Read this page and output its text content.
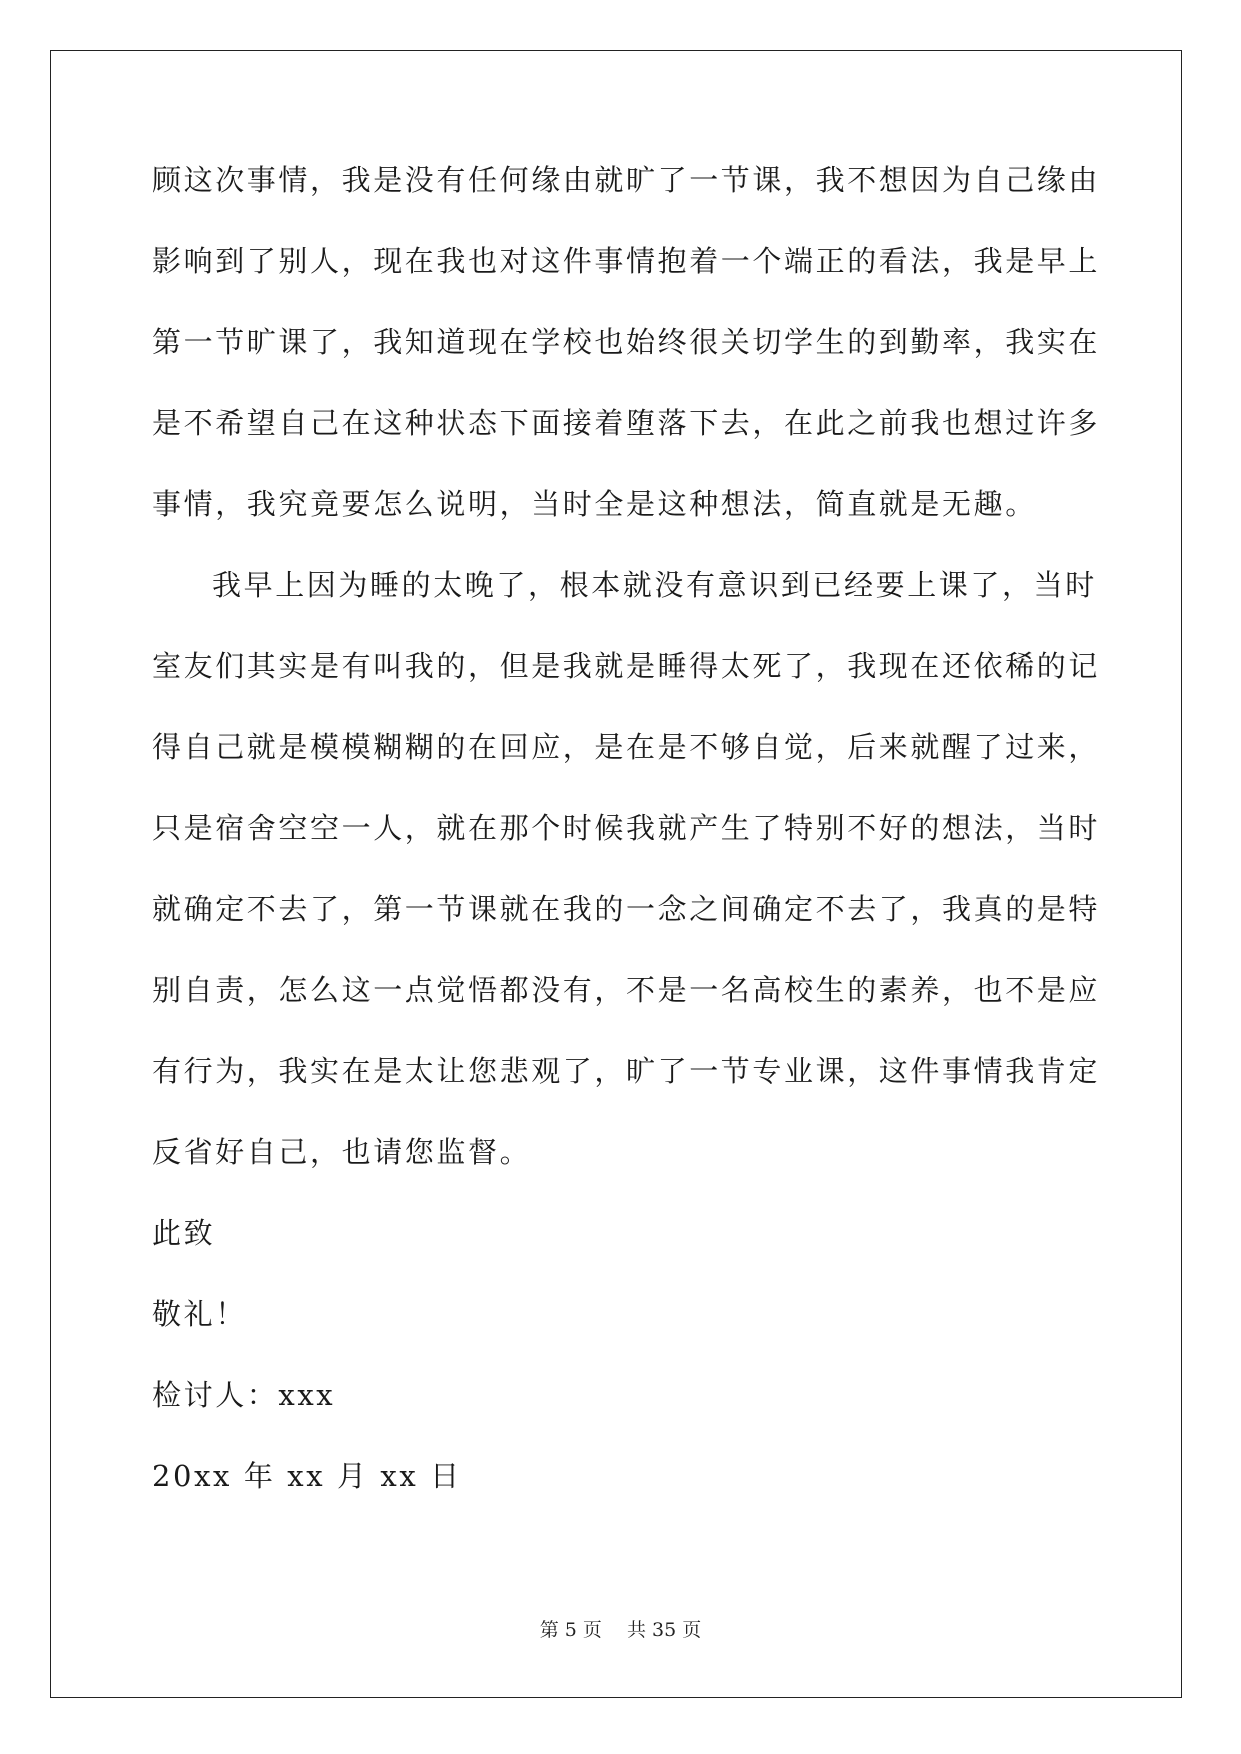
顾这次事情，我是没有任何缘由就旷了一节课，我不想因为自己缘由

影响到了别人，现在我也对这件事情抱着一个端正的看法，我是早上

第一节旷课了，我知道现在学校也始终很关切学生的到勤率，我实在

是不希望自己在这种状态下面接着堕落下去，在此之前我也想过许多

事情，我究竟要怎么说明，当时全是这种想法，简直就是无趣。

我早上因为睡的太晚了，根本就没有意识到已经要上课了，当时

室友们其实是有叫我的，但是我就是睡得太死了，我现在还依稀的记

得自己就是模模糊糊的在回应，是在是不够自觉，后来就醒了过来，

只是宿舍空空一人，就在那个时候我就产生了特别不好的想法，当时

就确定不去了，第一节课就在我的一念之间确定不去了，我真的是特

别自责，怎么这一点觉悟都没有，不是一名高校生的素养，也不是应

有行为，我实在是太让您悲观了，旷了一节专业课，这件事情我肯定

反省好自己，也请您监督。

此致

敬礼！

检讨人：xxx

20xx 年 xx 月 xx 日

第 5 页　 共 35 页
